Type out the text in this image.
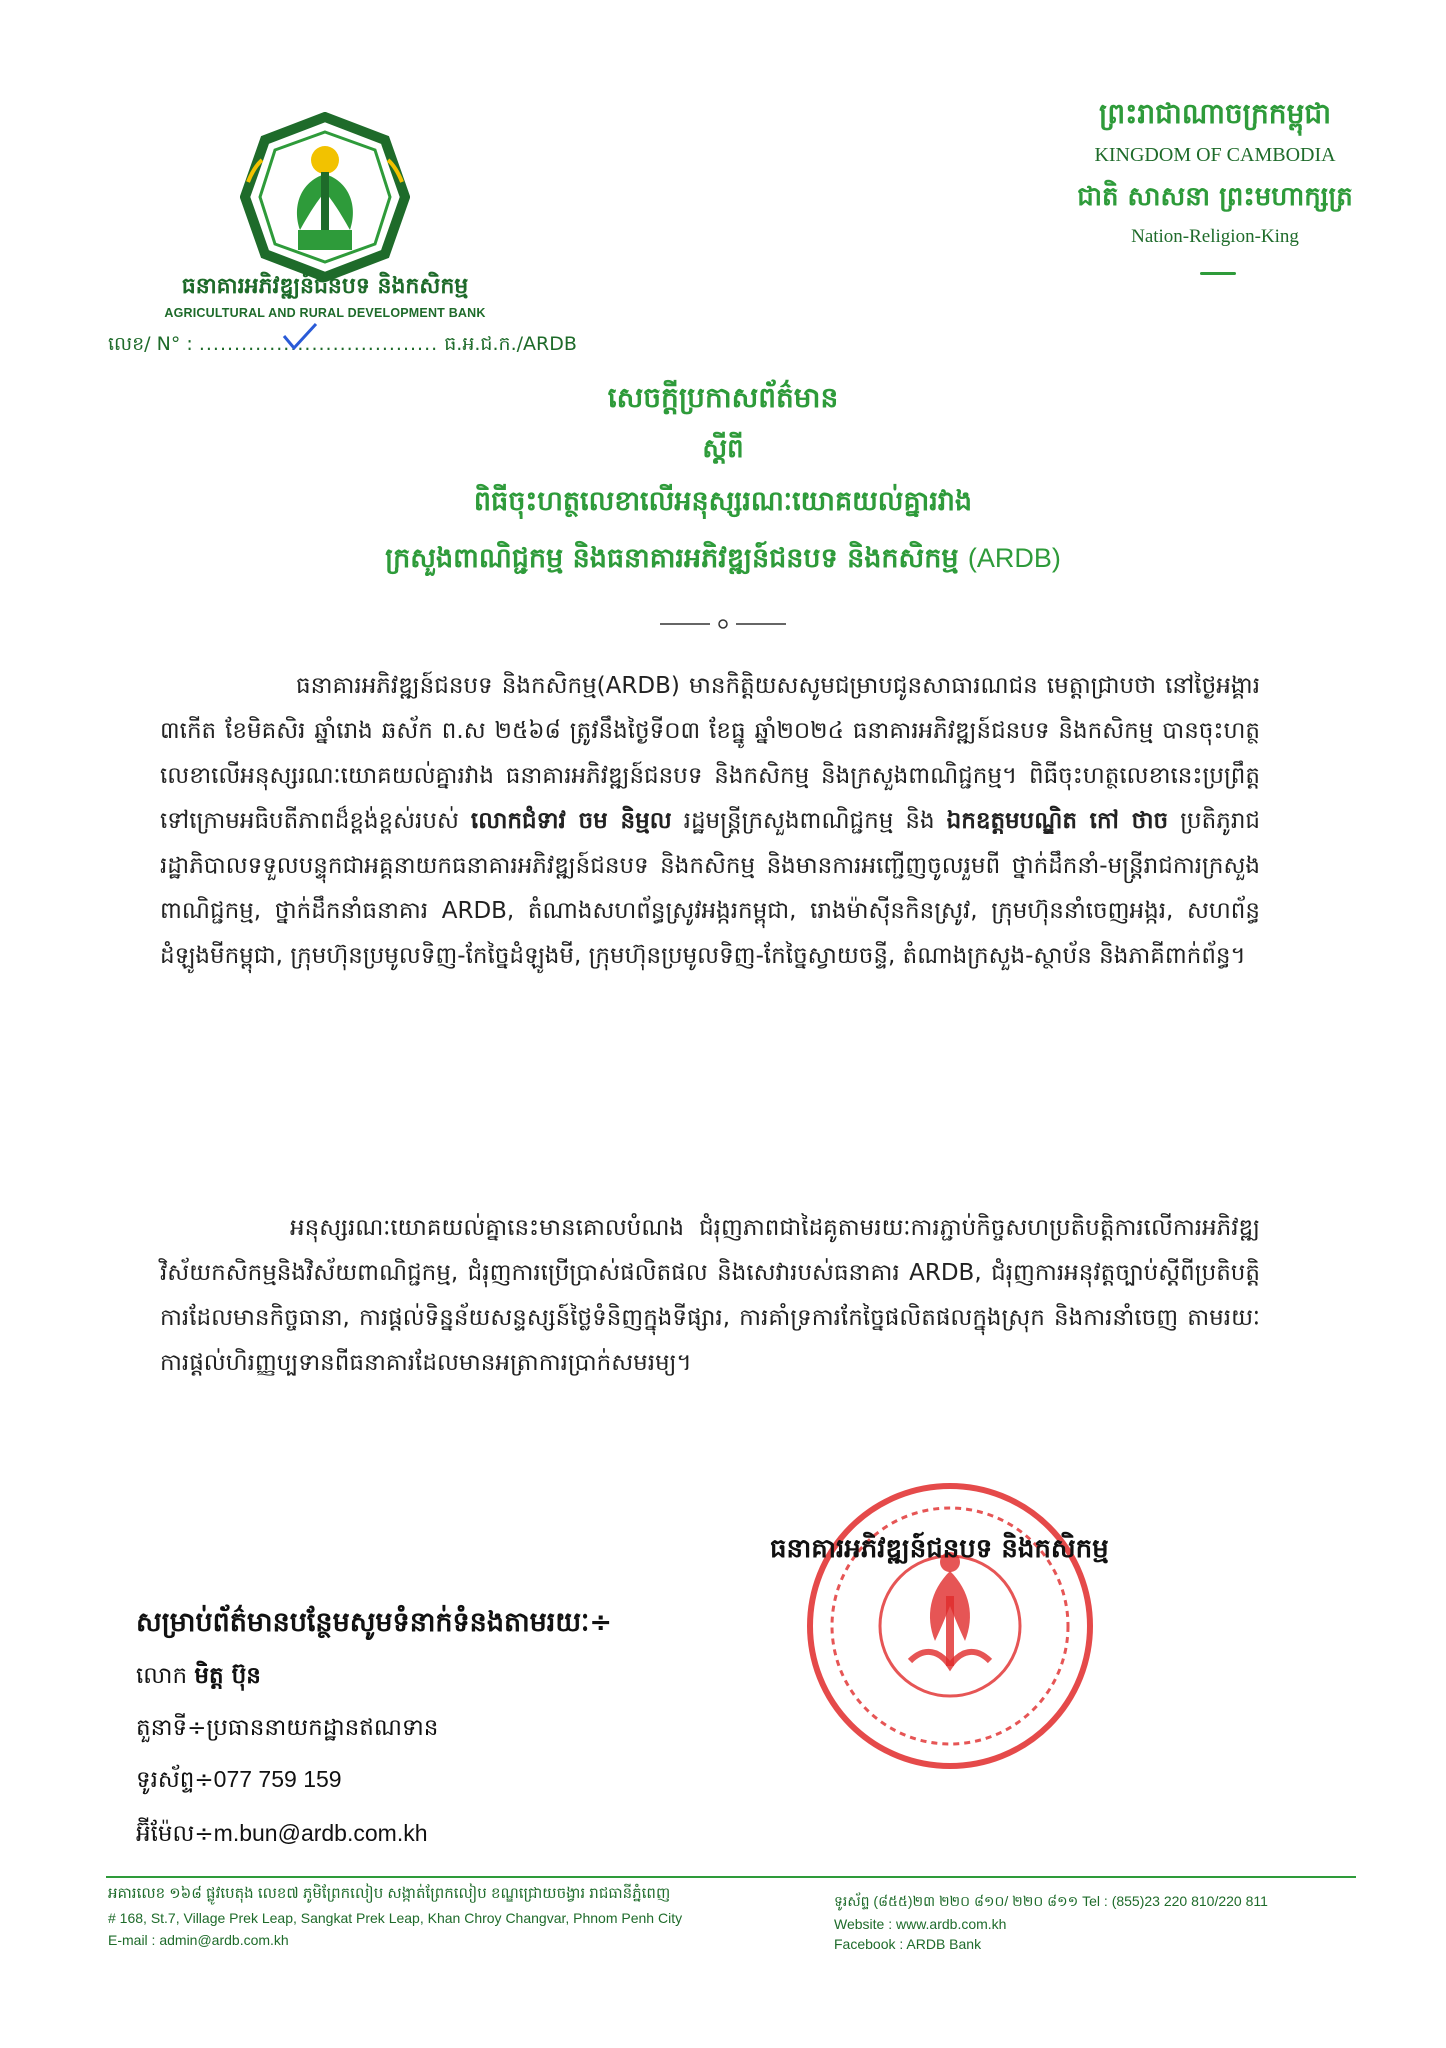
ធនាគារអភិវឌ្ឍន៍ជនបទ និងកសិកម្ម
AGRICULTURAL AND RURAL DEVELOPMENT BANK
លេខ/ N° : .................................. ធ.អ.ជ.ក./ARDB
ព្រះរាជាណាចក្រកម្ពុជា
KINGDOM OF CAMBODIA
ជាតិ សាសនា ព្រះមហាក្សត្រ
Nation-Religion-King
សេចក្ដីប្រកាសព័ត៌មាន
ស្ដីពី
ពិធីចុះហត្ថលេខាលើអនុស្សរណៈយោគយល់គ្នារវាង
ក្រសួងពាណិជ្ជកម្ម និងធនាគារអភិវឌ្ឍន៍ជនបទ និងកសិកម្ម (ARDB)
ធនាគារអភិវឌ្ឍន៍ជនបទ និងកសិកម្ម(ARDB) មានកិត្តិយសសូមជម្រាបជូនសាធារណជន មេត្តាជ្រាបថា នៅថ្ងៃអង្គារ ៣កើត ខែមិគសិរ ឆ្នាំរោង ឆស័ក ព.ស ២៥៦៨ ត្រូវនឹងថ្ងៃទី០៣ ខែធ្នូ ឆ្នាំ២០២៤ ធនាគារអភិវឌ្ឍន៍ជនបទ និងកសិកម្ម បានចុះហត្ថលេខាលើអនុស្សរណៈយោគយល់គ្នារវាង ធនាគារអភិវឌ្ឍន៍ជនបទ និងកសិកម្ម និងក្រសួងពាណិជ្ជកម្ម។ ពិធីចុះហត្ថលេខានេះប្រព្រឹត្តទៅក្រោមអធិបតីភាពដ៏ខ្ពង់ខ្ពស់របស់ លោកជំទាវ ចម និម្មល រដ្ឋមន្ត្រីក្រសួងពាណិជ្ជកម្ម និង ឯកឧត្តមបណ្ឌិត កៅ ថាច ប្រតិភូរាជរដ្ឋាភិបាលទទួលបន្ទុកជាអគ្គនាយកធនាគារអភិវឌ្ឍន៍ជនបទ និងកសិកម្ម និងមានការអញ្ជើញចូលរួមពី ថ្នាក់ដឹកនាំ-មន្ត្រីរាជការក្រសួងពាណិជ្ជកម្ម, ថ្នាក់ដឹកនាំធនាគារ ARDB, តំណាងសហព័ន្ធស្រូវអង្ករកម្ពុជា, រោងម៉ាស៊ីនកិនស្រូវ, ក្រុមហ៊ុននាំចេញអង្ករ, សហព័ន្ធដំឡូងមីកម្ពុជា, ក្រុមហ៊ុនប្រមូលទិញ-កែច្នៃដំឡូងមី, ក្រុមហ៊ុនប្រមូលទិញ-កែច្នៃស្វាយចន្ទី, តំណាងក្រសួង-ស្ថាប័ន និងភាគីពាក់ព័ន្ធ។
អនុស្សរណៈយោគយល់គ្នានេះមានគោលបំណង ជំរុញភាពជាដៃគូតាមរយៈការភ្ជាប់កិច្ចសហប្រតិបត្តិការលើការអភិវឌ្ឍវិស័យកសិកម្មនិងវិស័យពាណិជ្ជកម្ម, ជំរុញការប្រើប្រាស់ផលិតផល និងសេវារបស់ធនាគារ ARDB, ជំរុញការអនុវត្តច្បាប់ស្ដីពីប្រតិបត្តិការដែលមានកិច្ចធានា, ការផ្ដល់ទិន្នន័យសន្ទស្សន៍ថ្លៃទំនិញក្នុងទីផ្សារ, ការគាំទ្រការកែច្នៃផលិតផលក្នុងស្រុក និងការនាំចេញ តាមរយៈការផ្ដល់ហិរញ្ញប្បទានពីធនាគារដែលមានអត្រាការប្រាក់សមរម្យ។
ធនាគារអភិវឌ្ឍន៍ជនបទ និងកសិកម្ម
សម្រាប់ព័ត៌មានបន្ថែមសូមទំនាក់ទំនងតាមរយៈ÷
លោក មិត្ត ប៊ុន
តួនាទី÷ប្រធាននាយកដ្ឋានឥណទាន
ទូរស័ព្ទ÷077 759 159
អ៊ីម៉ែល÷m.bun@ardb.com.kh
អគារលេខ ១៦៨ ផ្លូវបេតុង លេខ៧ ភូមិព្រែកលៀប សង្កាត់ព្រែកលៀប ខណ្ឌជ្រោយចង្វារ រាជធានីភ្នំពេញ
# 168, St.7, Village Prek Leap, Sangkat Prek Leap, Khan Chroy Changvar, Phnom Penh City
E-mail : admin@ardb.com.kh
ទូរស័ព្ទ (៨៥៥)២៣ ២២០ ៨១០/ ២២០ ៨១១ Tel : (855)23 220 810/220 811
Website : www.ardb.com.kh
Facebook : ARDB Bank
